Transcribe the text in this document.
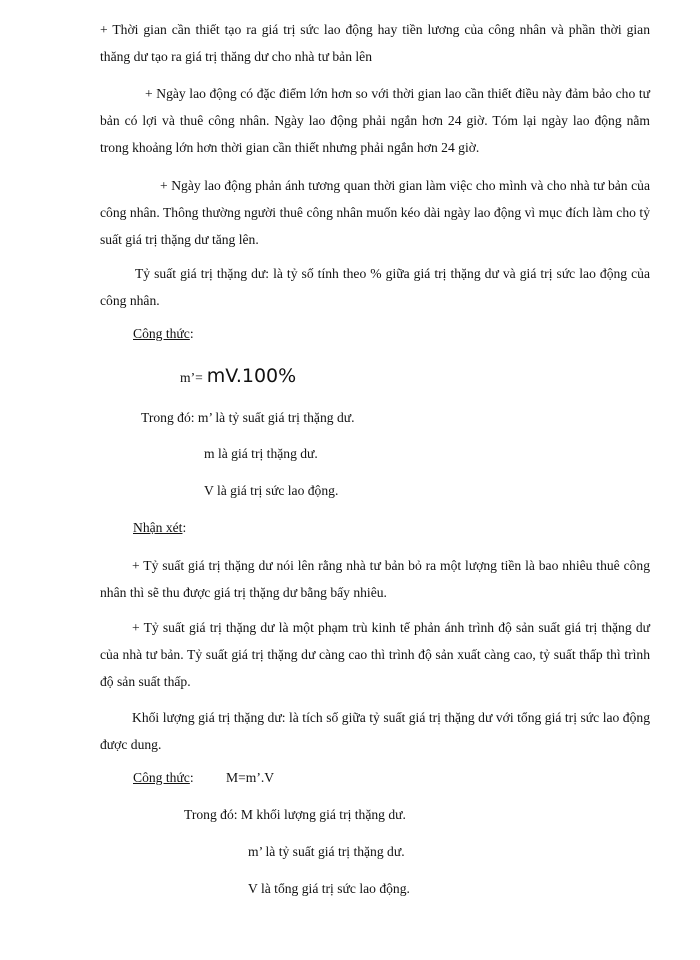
+ Thời gian cần thiết tạo ra giá trị sức lao động hay tiền lương của công nhân và phần thời gian thăng dư tạo ra giá trị thăng dư cho nhà tư bản lên

+ Ngày lao động có đặc điểm lớn hơn so với thời gian lao cần thiết điều này đảm bảo cho tư bản có lợi và thuê công nhân. Ngày lao động phải ngắn hơn 24 giờ. Tóm lại ngày lao động nằm trong khoảng lớn hơn thời gian cần thiết nhưng phải ngắn hơn 24 giờ.

+ Ngày lao động phản ánh tương quan thời gian làm việc cho mình và cho nhà tư bản của công nhân. Thông thường người thuê công nhân muốn kéo dài ngày lao động vì mục đích làm cho tỷ suất giá trị thặng dư tăng lên.

Tỷ suất giá trị thặng dư: là tỷ số tính theo % giữa giá trị thặng dư và giá trị sức lao động của công nhân.

Công thức:
m’= mV.100%
Trong đó: m’ là tỷ suất giá trị thặng dư.
m là giá trị thặng dư.
V là giá trị sức lao động.
Nhận xét:

+ Tỷ suất giá trị thặng dư nói lên rằng nhà tư bản bỏ ra một lượng tiền là bao nhiêu thuê công nhân thì sẽ thu được giá trị thặng dư bằng bấy nhiêu.

+ Tỷ suất giá trị thặng dư là một phạm trù kinh tế phản ánh trình độ sản suất giá trị thặng dư của nhà tư bản. Tỷ suất giá trị thặng dư càng cao thì trình độ sản xuất càng cao, tỷ suất thấp thì trình độ sản suất thấp.

Khối lượng giá trị thặng dư: là tích số giữa tỷ suất giá trị thặng dư với tổng giá trị sức lao động được dung.

Công thức: M=m’.V
Trong đó: M khối lượng giá trị thặng dư.
m’ là tỷ suất giá trị thặng dư.
V là tổng giá trị sức lao động.
